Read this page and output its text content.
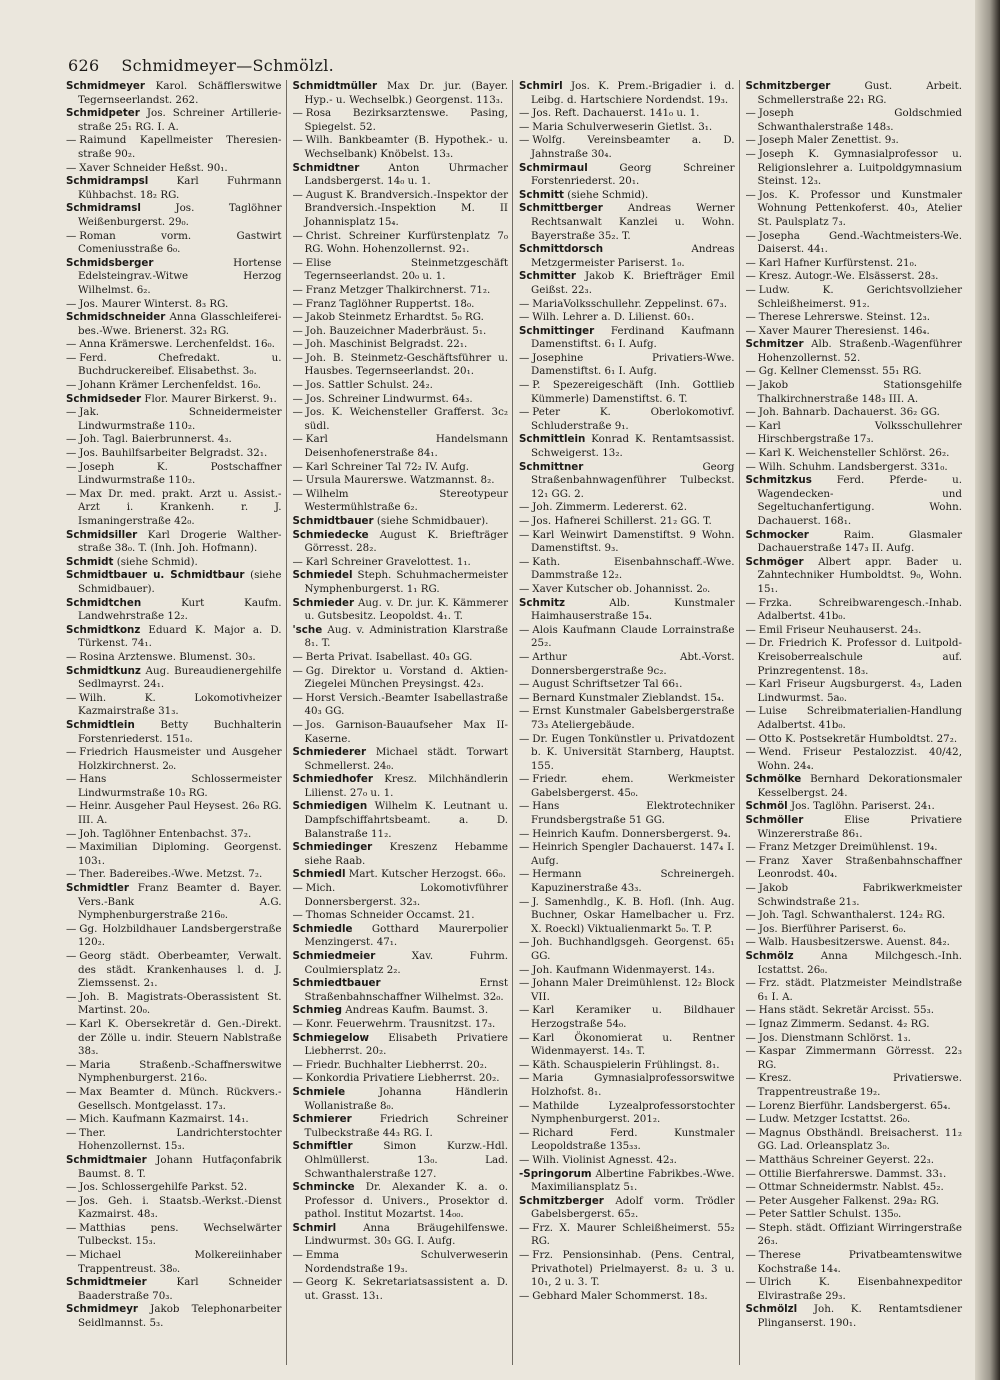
626 Schmidmeyer—Schmölzl.

Schmidmeyer Karol. Schäfflerswitwe Tegernseerlandst. 262.

Schmidpeter Jos. Schreiner Artillerie-straße 25₁ RG. I. A.

— Raimund Kapellmeister Theresien-straße 90₂.

— Xaver Schneider Heßst. 90₁.

Schmidrampsl	Karl Fuhrmann Kühbachst. 18₂ RG.

Schmidramsl	Jos. Taglöhner Weißenburgerst. 29₀.

— Roman vorm. Gastwirt Comeniusstraße 6₀.

Schmidsberger	Hortense Edelsteingrav.-Witwe Herzog Wilhelmst. 6₂.

— Jos. Maurer Winterst. 8₃ RG.

Schmidschneider Anna Glasschleiferei-bes.-Wwe. Brienerst. 32₃ RG.

— Anna Krämerswe. Lerchenfeldst. 16₀.

— Ferd. Chefredakt. u. Buchdruckereibef. Elisabethst. 3₀.

— Johann Krämer Lerchenfeldst. 16₀.

Schmidseder Flor. Maurer Birkerst. 9₁.

— Jak. Schneidermeister Lindwurmstraße 110₂.

— Joh. Tagl. Baierbrunnerst. 4₃.

— Jos. Bauhilfsarbeiter Belgradst. 32₁.

— Joseph K. Postschaffner Lindwurmstraße 110₂.

— Max Dr. med. prakt. Arzt u. Assist.-Arzt i. Krankenh. r. J. Ismaningerstraße 42₀.

Schmidsiller Karl Drogerie Walther-straße 38₀. T. (Inh. Joh. Hofmann).

Schmidt (siehe Schmid).

Schmidtbauer u. Schmidtbaur (siehe Schmidbauer).

Schmidtchen	Kurt Kaufm. Landwehrstraße 12₂.

Schmidtkonz Eduard K. Major a. D. Türkenst. 74₁.

— Rosina Arztenswe. Blumenst. 30₃.

Schmidtkunz Aug. Bureaudienergehilfe Sedlmayrst. 24₁.

— Wilh. K. Lokomotivheizer Kazmairstraße 31₃.

Schmidtlein Betty Buchhalterin Forstenriederst. 151₀.

— Friedrich Hausmeister und Ausgeher Holzkirchnerst. 2₀.

— Hans Schlossermeister Lindwurmstraße 10₃ RG.

— Heinr. Ausgeher Paul Heysest. 26₀ RG. III. A.

— Joh. Taglöhner Entenbachst. 37₂.

— Maximilian Diploming. Georgenst. 103₁.

— Ther. Badereibes.-Wwe. Metzst. 7₂.

Schmidtler Franz Beamter d. Bayer. Vers.-Bank A.G. Nymphenburgerstraße 216₀.

— Gg. Holzbildhauer Landsbergerstraße 120₂.

— Georg städt. Oberbeamter, Verwalt. des städt. Krankenhauses l. d. J. Ziemssenst. 2₁.

— Joh. B. Magistrats-Oberassistent St. Martinst. 20₀.

— Karl K. Obersekretär d. Gen.-Direkt. der Zölle u. indir. Steuern Nablstraße 38₃.

— Maria Straßenb.-Schaffnerswitwe Nymphenburgerst. 216₀.

— Max Beamter d. Münch. Rückvers.-Gesellsch. Montgelasst. 17₃.

— Mich. Kaufmann Kazmairst. 14₁.

— Ther. Landrichterstochter Hohenzollernst. 15₃.

Schmidtmaier Johann Hutfaçonfabrik Baumst. 8. T.

— Jos. Schlossergehilfe Parkst. 52.

— Jos. Geh. i. Staatsb.-Werkst.-Dienst Kazmairst. 48₃.

— Matthias pens. Wechselwärter Tulbeckst. 15₃.

— Michael Molkereiinhaber Trappentreust. 38₀.

Schmidtmeier	Karl Schneider Baaderstraße 70₃.

Schmidmeyr Jakob Telephonarbeiter Seidlmannst. 5₃.

Schmidtmüller Max Dr. jur. (Bayer. Hyp.- u. Wechselbk.) Georgenst. 113₃.

— Rosa Bezirksarztenswe. Pasing, Spiegelst. 52.

— Wilh. Bankbeamter (B. Hypothek.- u. Wechselbank) Knöbelst. 13₃.

Schmidtner	Anton Uhrmacher Landsbergerst. 14₀ u. 1.

— August K. Brandversich.-Inspektor der Brandversich.-Inspektion M. II Johannisplatz 15₄.

— Christ. Schreiner Kurfürstenplatz 7₀ RG. Wohn. Hohenzollernst. 92₁.

— Elise Steinmetzgeschäft Tegernseerlandst. 20₀ u. 1.

— Franz Metzger Thalkirchnerst. 71₂.

— Franz Taglöhner Ruppertst. 18₀.

— Jakob Steinmetz Erhardtst. 5₀ RG.

— Joh. Bauzeichner Maderbräust. 5₁.

— Joh. Maschinist Belgradst. 22₁.

— Joh. B. Steinmetz-Geschäftsführer u. Hausbes. Tegernseerlandst. 20₁.

— Jos. Sattler Schulst. 24₂.

— Jos. Schreiner Lindwurmst. 64₃.

— Jos. K. Weichensteller Grafferst. 3c₂ südl.

— Karl Handelsmann Deisenhofenerstraße 84₁.

— Karl Schreiner Tal 72₂ IV. Aufg.

— Ursula Maurerswe. Watzmannst. 8₂.

— Wilhelm Stereotypeur Westermühlstraße 6₂.

Schmidtbauer (siehe Schmidbauer).

Schmiedecke August K. Briefträger Görresst. 28₂.

— Karl Schreiner Gravelottest. 1₁.

Schmiedel Steph. Schuhmachermeister Nymphenburgerst. 1₁ RG.

Schmieder Aug. v. Dr. jur. K. Kämmerer u. Gutsbesitz. Leopoldst. 4₁. T.

'sche Aug. v. Administration Klarstraße 8₁. T.

— Berta Privat. Isabellast. 40₃ GG.

— Gg. Direktor u. Vorstand d. Aktien-Ziegelei München Preysingst. 42₃.

— Horst Versich.-Beamter Isabellastraße 40₃ GG.

— Jos. Garnison-Bauaufseher Max II-Kaserne.

Schmiederer Michael städt. Torwart Schmellerst. 24₀.

Schmiedhofer Kresz. Milchhändlerin Lilienst. 27₀ u. 1.

Schmiedigen Wilhelm K. Leutnant u. Dampfschiffahrtsbeamt. a. D. Balanstraße 11₂.

Schmiedinger Kreszenz Hebamme siehe Raab.

Schmiedl Mart. Kutscher Herzogst. 66₀.

— Mich. Lokomotivführer Donnersbergerst. 32₃.

— Thomas Schneider Occamst. 21.

Schmiedle Gotthard Maurerpolier Menzingerst. 47₁.

Schmiedmeier	Xav. Fuhrm. Coulmiersplatz 2₂.

Schmiedtbauer	Ernst Straßenbahnschaffner Wilhelmst. 32₀.

Schmieg Andreas Kaufm. Baumst. 3.

— Konr. Feuerwehrm. Trausnitzst. 17₃.

Schmiegelow Elisabeth Privatiere Liebherrst. 20₂.

— Friedr. Buchhalter Liebherrst. 20₂.

— Konkordia Privatiere Liebherrst. 20₂.

Schmiele	Johanna Händlerin Wollanistraße 8₀.

Schmierer	Friedrich Schreiner Tulbeckstraße 44₃ RG. I.

Schmiftler	Simon Kurzw.-Hdl. Ohlmüllerst. 13₀. Lad. Schwanthalerstraße 127.

Schmincke Dr. Alexander K. a. o. Professor d. Univers., Prosektor d. pathol. Institut Mozartst. 14₀₀.

Schmirl	Anna Bräugehilfenswe. Lindwurmst. 30₃ GG. I. Aufg.

— Emma Schulverweserin Nordendstraße 19₃.

— Georg K. Sekretariatsassistent a. D. ut. Grasst. 13₁.

Schmirl Jos. K. Prem.-Brigadier i. d. Leibg. d. Hartschiere Nordendst. 19₃.

— Jos. Reft. Dachauerst. 141₀ u. 1.

— Maria Schulverweserin Gietlst. 3₁.

— Wolfg. Vereinsbeamter a. D. Jahnstraße 30₄.

Schmirmaul	Georg Schreiner Forstenriederst. 20₁.

Schmitt (siehe Schmid).

Schmittberger Andreas Werner Rechtsanwalt Kanzlei u. Wohn. Bayerstraße 35₂. T.

Schmittdorsch	Andreas Metzgermeister Pariserst. 1₀.

Schmitter Jakob K. Briefträger Emil Geißst. 22₃.

— MariaVolksschullehr. Zeppelinst. 67₃.

— Wilh. Lehrer a. D. Lilienst. 60₁.

Schmittinger Ferdinand Kaufmann Damenstiftst. 6₁ I. Aufg.

— Josephine Privatiers-Wwe. Damenstiftst. 6₁ I. Aufg.

— P. Spezereigeschäft (Inh. Gottlieb Kümmerle) Damenstiftst. 6. T.

— Peter K. Oberlokomotivf. Schluderstraße 9₁.

Schmittlein Konrad K. Rentamtsassist. Schweigerst. 13₂.

Schmittner	Georg Straßenbahnwagenführer Tulbeckst. 12₁ GG. 2.

— Joh. Zimmerm. Ledererst. 62.

— Jos. Hafnerei Schillerst. 21₂ GG. T.

— Karl Weinwirt Damenstiftst. 9 Wohn. Damenstiftst. 9₃.

— Kath. Eisenbahnschaff.-Wwe. Dammstraße 12₂.

— Xaver Kutscher ob. Johannisst. 2₀.

Schmitz	Alb. Kunstmaler Haimhauserstraße 15₄.

— Alois Kaufmann Claude Lorrainstraße 25₂.

— Arthur Abt.-Vorst. Donnersbergerstraße 9c₂.

— August Schriftsetzer Tal 66₁.

— Bernard Kunstmaler Zieblandst. 15₄.

— Ernst Kunstmaler Gabelsbergerstraße 73₃ Ateliergebäude.

— Dr. Eugen Tonkünstler u. Privatdozent b. K. Universität Starnberg, Hauptst. 155.

— Friedr. ehem. Werkmeister Gabelsbergerst. 45₀.

— Hans Elektrotechniker Frundsbergstraße 51 GG.

— Heinrich Kaufm. Donnersbergerst. 9₄.

— Heinrich Spengler Dachauerst. 147₄ I. Aufg.

— Hermann Schreinergeh. Kapuzinerstraße 43₃.

— J. Samenhdlg., K. B. Hofl. (Inh. Aug. Buchner, Oskar Hamelbacher u. Frz. X. Roeckl) Viktualienmarkt 5₀. T. P.

— Joh. Buchhandlgsgeh. Georgenst. 65₁ GG.

— Joh. Kaufmann Widenmayerst. 14₃.

— Johann Maler Dreimühlenst. 12₂ Block VII.

— Karl Keramiker u. Bildhauer Herzogstraße 54₀.

— Karl Ökonomierat u. Rentner Widenmayerst. 14₃. T.

— Käth. Schauspielerin Frühlingst. 8₁.

— Maria Gymnasialprofessorswitwe Holzhofst. 8₁.

— Mathilde Lyzealprofessorstochter Nymphenburgerst. 201₂.

— Richard Ferd. Kunstmaler Leopoldstraße 135₃₃.

— Wilh. Violinist Agnesst. 42₃.

-Springorum Albertine Fabrikbes.-Wwe. Maximiliansplatz 5₁.

Schmitzberger Adolf vorm. Trödler Gabelsbergerst. 65₂.

— Frz. X. Maurer Schleißheimerst. 55₂ RG.

— Frz. Pensionsinhab. (Pens. Central, Privathotel) Prielmayerst. 8₂ u. 3 u. 10₁, 2 u. 3. T.

— Gebhard Maler Schommerst. 18₃.

Schmitzberger	Gust. Arbeit. Schmellerstraße 22₁ RG.

— Joseph Goldschmied Schwanthalerstraße 148₃.

— Joseph Maler Zenettist. 9₃.

— Joseph K. Gymnasialprofessor u. Religionslehrer a. Luitpoldgymnasium Steinst. 12₃.

— Jos. K. Professor und Kunstmaler Wohnung Pettenkoferst. 40₃, Atelier St. Paulsplatz 7₃.

— Josepha Gend.-Wachtmeisters-We. Daiserst. 44₁.

— Karl Hafner Kurfürstenst. 21₀.

— Kresz. Autogr.-We. Elsässerst. 28₃.

— Ludw. K. Gerichtsvollzieher Schleißheimerst. 91₂.

— Therese Lehrerswe. Steinst. 12₃.

— Xaver Maurer Theresienst. 146₄.

Schmitzer Alb. Straßenb.-Wagenführer Hohenzollernst. 52.

— Gg. Kellner Clemensst. 55₁ RG.

— Jakob Stationsgehilfe Thalkirchnerstraße 148₃ III. A.

— Joh. Bahnarb. Dachauerst. 36₂ GG.

— Karl Volksschullehrer Hirschbergstraße 17₃.

— Karl K. Weichensteller Schlörst. 26₂.

— Wilh. Schuhm. Landsbergerst. 331₀.

Schmitzkus Ferd. Pferde- u. Wagendecken- und Segeltuchanfertigung. Wohn. Dachauerst. 168₁.

Schmocker	Raim. Glasmaler Dachauerstraße 147₃ II. Aufg.

Schmöger Albert appr. Bader u. Zahntechniker Humboldtst. 9₀, Wohn. 15₁.

— Frzka. Schreibwarengesch.-Inhab. Adalbertst. 41b₀.

— Emil Friseur Neuhauserst. 24₃.

— Dr. Friedrich K. Professor d. Luitpold-Kreisoberrealschule auf. Prinzregentenst. 18₃.

— Karl Friseur Augsburgerst. 4₃, Laden Lindwurmst. 5a₀.

— Luise Schreibmaterialien-Handlung Adalbertst. 41b₀.

— Otto K. Postsekretär Humboldtst. 27₂.

— Wend. Friseur Pestalozzist. 40/42, Wohn. 24₄.

Schmölke Bernhard Dekorationsmaler Kesselbergst. 24.

Schmöl Jos. Taglöhn. Pariserst. 24₁.

Schmöller	Elise Privatiere Winzererstraße 86₁.

— Franz Metzger Dreimühlenst. 19₄.

— Franz Xaver Straßenbahnschaffner Leonrodst. 40₄.

— Jakob Fabrikwerkmeister Schwindstraße 21₃.

— Joh. Tagl. Schwanthalerst. 124₂ RG.

— Jos. Bierführer Pariserst. 6₀.

— Walb. Hausbesitzerswe. Auenst. 84₂.

Schmölz	Anna Milchgesch.-Inh. Icstattst. 26₀.

— Frz. städt. Platzmeister Meindlstraße 6₁ I. A.

— Hans städt. Sekretär Arcisst. 55₃.

— Ignaz Zimmerm. Sedanst. 4₂ RG.

— Jos. Dienstmann Schlörst. 1₃.

— Kaspar Zimmermann Görresst. 22₃ RG.

— Kresz. Privatierswe. Trappentreustraße 19₂.

— Lorenz Bierführ. Landsbergerst. 65₄.

— Ludw. Metzger Icstattst. 26₀.

— Magnus Obsthändl. Breisacherst. 11₂ GG. Lad. Orleansplatz 3₀.

— Matthäus Schreiner Geyerst. 22₃.

— Ottilie Bierfahrerswe. Dammst. 33₁.

— Ottmar Schneidermstr. Nablst. 45₂.

— Peter Ausgeher Falkenst. 29a₂ RG.

— Peter Sattler Schulst. 135₀.

— Steph. städt. Offiziant Wirringerstraße 26₃.

— Therese Privatbeamtenswitwe Kochstraße 14₄.

— Ulrich K. Eisenbahnexpeditor Elvirastraße 29₃.

Schmölzl Joh. K. Rentamtsdiener Plinganserst. 190₁.
